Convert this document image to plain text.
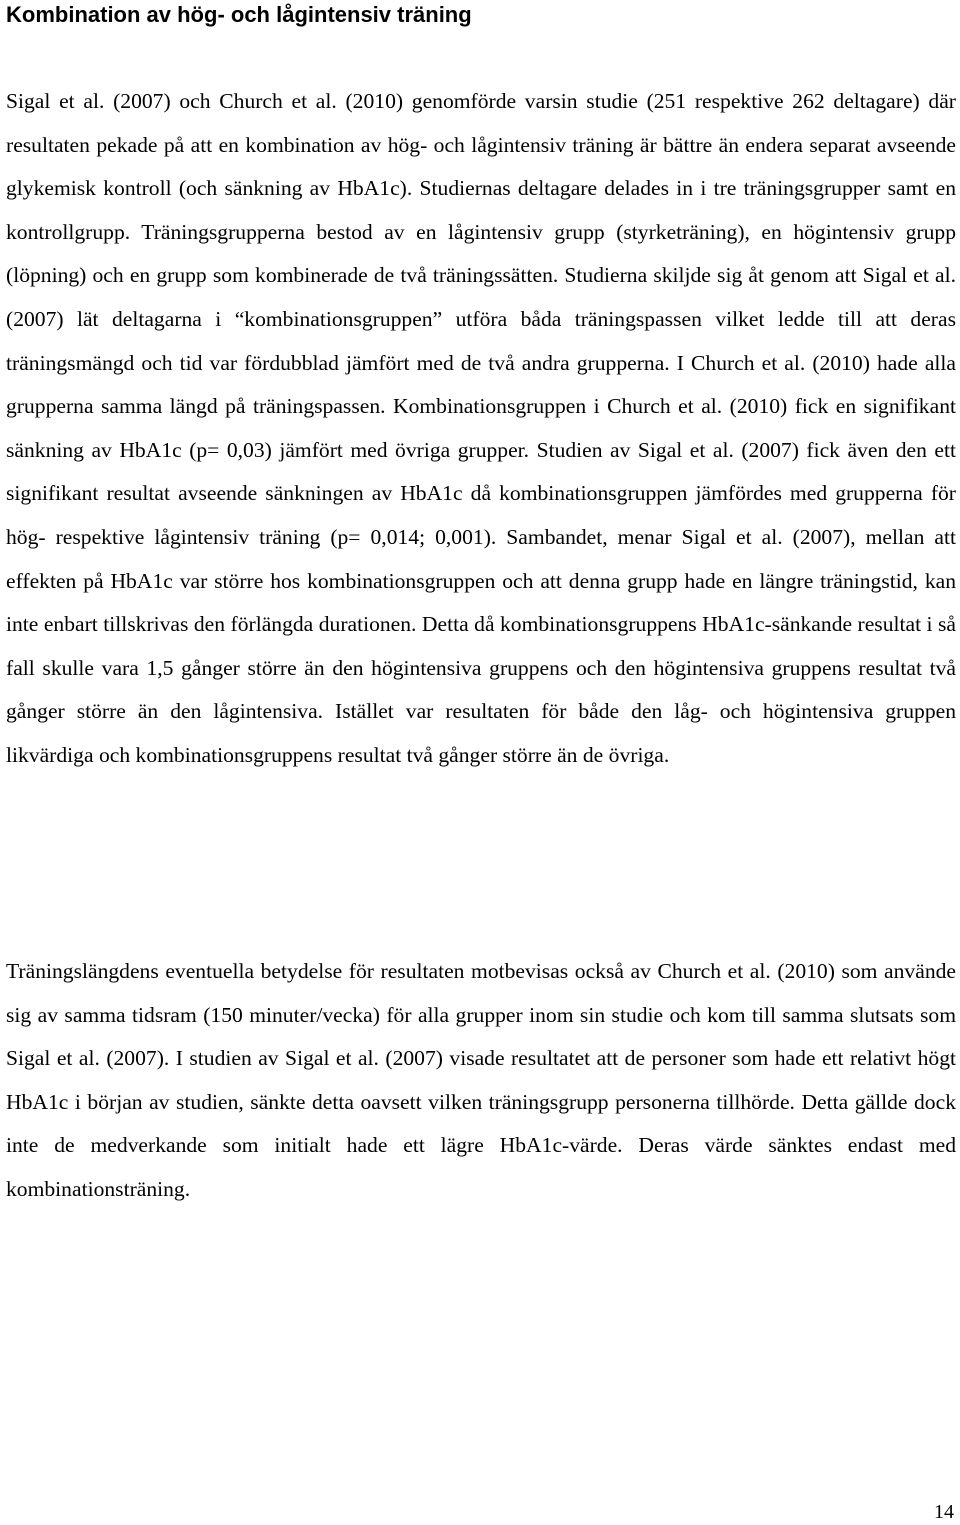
Kombination av hög- och lågintensiv träning

Sigal et al. (2007) och Church et al. (2010) genomförde varsin studie (251 respektive 262 deltagare) där resultaten pekade på att en kombination av hög- och lågintensiv träning är bättre än endera separat avseende glykemisk kontroll (och sänkning av HbA1c). Studiernas deltagare delades in i tre träningsgrupper samt en kontrollgrupp. Träningsgrupperna bestod av en lågintensiv grupp (styrketräning), en högintensiv grupp (löpning) och en grupp som kombinerade de två träningssätten. Studierna skiljde sig åt genom att Sigal et al. (2007) lät deltagarna i “kombinationsgruppen” utföra båda träningspassen vilket ledde till att deras träningsmängd och tid var fördubblad jämfört med de två andra grupperna. I Church et al. (2010) hade alla grupperna samma längd på träningspassen. Kombinationsgruppen i Church et al. (2010) fick en signifikant sänkning av HbA1c (p= 0,03) jämfört med övriga grupper. Studien av Sigal et al. (2007) fick även den ett signifikant resultat avseende sänkningen av HbA1c då kombinationsgruppen jämfördes med grupperna för hög- respektive lågintensiv träning (p= 0,014; 0,001). Sambandet, menar Sigal et al. (2007), mellan att effekten på HbA1c var större hos kombinationsgruppen och att denna grupp hade en längre träningstid, kan inte enbart tillskrivas den förlängda durationen. Detta då kombinationsgruppens HbA1c-sänkande resultat i så fall skulle vara 1,5 gånger större än den högintensiva gruppens och den högintensiva gruppens resultat två gånger större än den lågintensiva. Istället var resultaten för både den låg- och högintensiva gruppen likvärdiga och kombinationsgruppens resultat två gånger större än de övriga.

Träningslängdens eventuella betydelse för resultaten motbevisas också av Church et al. (2010) som använde sig av samma tidsram (150 minuter/vecka) för alla grupper inom sin studie och kom till samma slutsats som Sigal et al. (2007). I studien av Sigal et al. (2007) visade resultatet att de personer som hade ett relativt högt HbA1c i början av studien, sänkte detta oavsett vilken träningsgrupp personerna tillhörde. Detta gällde dock inte de medverkande som initialt hade ett lägre HbA1c-värde. Deras värde sänktes endast med kombinationsträning.

14
